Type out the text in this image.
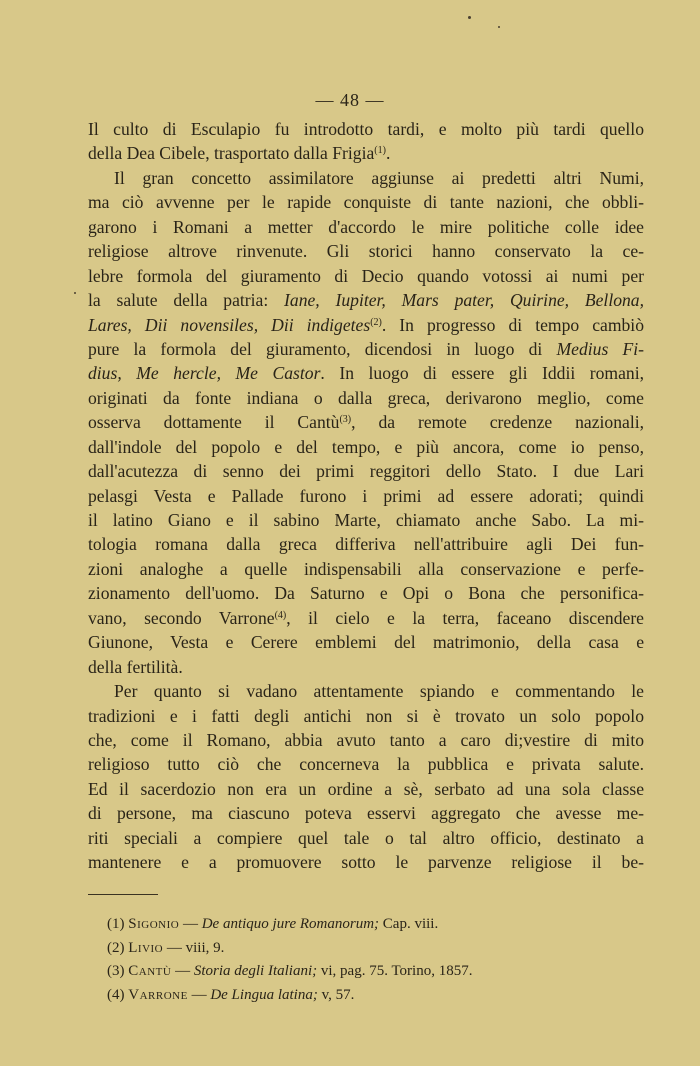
— 48 —
Il culto di Esculapio fu introdotto tardi, e molto più tardi quello
della Dea Cibele, trasportato dalla Frigia$^{(1)}$.
Il gran concetto assimilatore aggiunse ai predetti altri Numi,
ma ciò avvenne per le rapide conquiste di tante nazioni, che obbli-
garono i Romani a metter d'accordo le mire politiche colle idee
religiose altrove rinvenute. Gli storici hanno conservato la ce-
lebre formola del giuramento di Decio quando votossi ai numi per
la salute della patria: Iane, Iupiter, Mars pater, Quirine, Bellona,
Lares, Dii novensiles, Dii indigetes$^{(2)}$. In progresso di tempo cambiò
pure la formola del giuramento, dicendosi in luogo di Medius Fi-
dius, Me hercle, Me Castor. In luogo di essere gli Iddii romani,
originati da fonte indiana o dalla greca, derivarono meglio, come
osserva dottamente il Cantù$^{(3)}$, da remote credenze nazionali,
dall'indole del popolo e del tempo, e più ancora, come io penso,
dall'acutezza di senno dei primi reggitori dello Stato. I due Lari
pelasgi Vesta e Pallade furono i primi ad essere adorati; quindi
il latino Giano e il sabino Marte, chiamato anche Sabo. La mi-
tologia romana dalla greca differiva nell'attribuire agli Dei fun-
zioni analoghe a quelle indispensabili alla conservazione e perfe-
zionamento dell'uomo. Da Saturno e Opi o Bona che personifica-
vano, secondo Varrone$^{(4)}$, il cielo e la terra, faceano discendere
Giunone, Vesta e Cerere emblemi del matrimonio, della casa e
della fertilità.
Per quanto si vadano attentamente spiando e commentando le
tradizioni e i fatti degli antichi non si è trovato un solo popolo
che, come il Romano, abbia avuto tanto a caro di;vestire di mito
religioso tutto ciò che concerneva la pubblica e privata salute.
Ed il sacerdozio non era un ordine a sè, serbato ad una sola classe
di persone, ma ciascuno poteva esservi aggregato che avesse me-
riti speciali a compiere quel tale o tal altro officio, destinato a
mantenere e a promuovere sotto le parvenze religiose il be-
(1) Sigonio — De antiquo jure Romanorum; Cap. viii.
(2) Livio — viii, 9.
(3) Cantù — Storia degli Italiani; vi, pag. 75. Torino, 1857.
(4) Varrone — De Lingua latina; v, 57.
